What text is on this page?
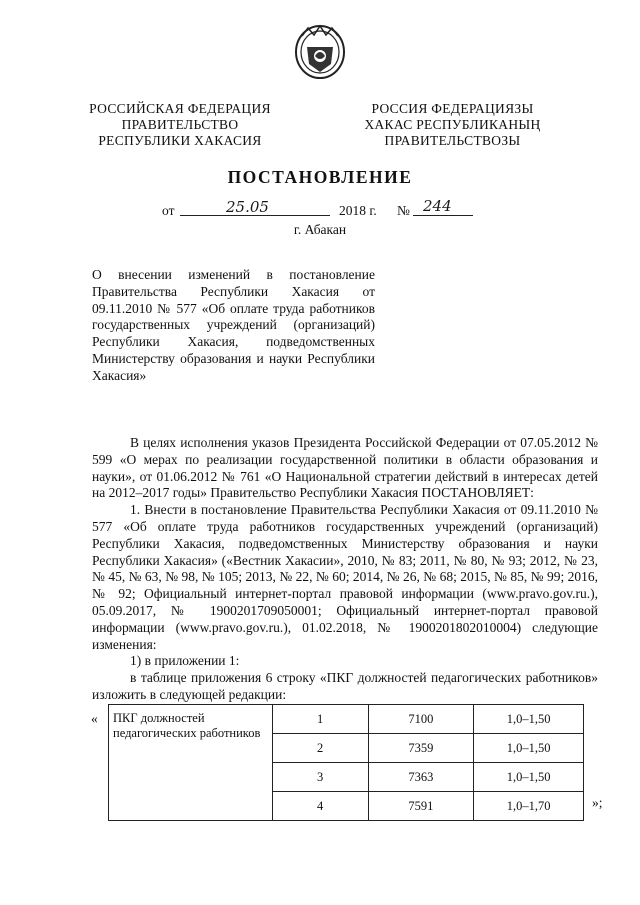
РОССИЙСКАЯ ФЕДЕРАЦИЯ
ПРАВИТЕЛЬСТВО
РЕСПУБЛИКИ ХАКАСИЯ
РОССИЯ ФЕДЕРАЦИЯЗЫ
ХАКАС РЕСПУБЛИКАНЫҢ
ПРАВИТЕЛЬСТВОЗЫ
ПОСТАНОВЛЕНИЕ
от	25.05	2018 г. № 244
г. Абакан
О внесении изменений в постановление Правительства Республики Хакасия от 09.11.2010 № 577 «Об оплате труда работников государственных учреждений (организаций) Республики Хакасия, подведомственных Министерству образования и науки Республики Хакасия»

В целях исполнения указов Президента Российской Федерации от 07.05.2012 № 599 «О мерах по реализации государственной политики в области образования и науки», от 01.06.2012 № 761 «О Национальной стратегии действий в интересах детей на 2012–2017 годы» Правительство Республики Хакасия ПОСТАНОВЛЯЕТ:

1. Внести в постановление Правительства Республики Хакасия от 09.11.2010 № 577 «Об оплате труда работников государственных учреждений (организаций) Республики Хакасия, подведомственных Министерству образования и науки Республики Хакасия» («Вестник Хакасии», 2010, № 83; 2011, № 80, № 93; 2012, № 23, № 45, № 63, № 98, № 105; 2013, № 22, № 60; 2014, № 26, № 68; 2015, № 85, № 99; 2016, № 92; Официальный интернет-портал правовой информации (www.pravo.gov.ru.), 05.09.2017, № 1900201709050001; Официальный интернет-портал правовой информации (www.pravo.gov.ru.), 01.02.2018, № 1900201802010004) следующие изменения:

1) в приложении 1:

в таблице приложения 6 строку «ПКГ должностей педагогических работников» изложить в следующей редакции:

« ПКГ должностей педагогических работников	1	7100	1,0–1,50
	2	7359	1,0–1,50
	3	7363	1,0–1,50
	4	7591	1,0–1,70	»;
